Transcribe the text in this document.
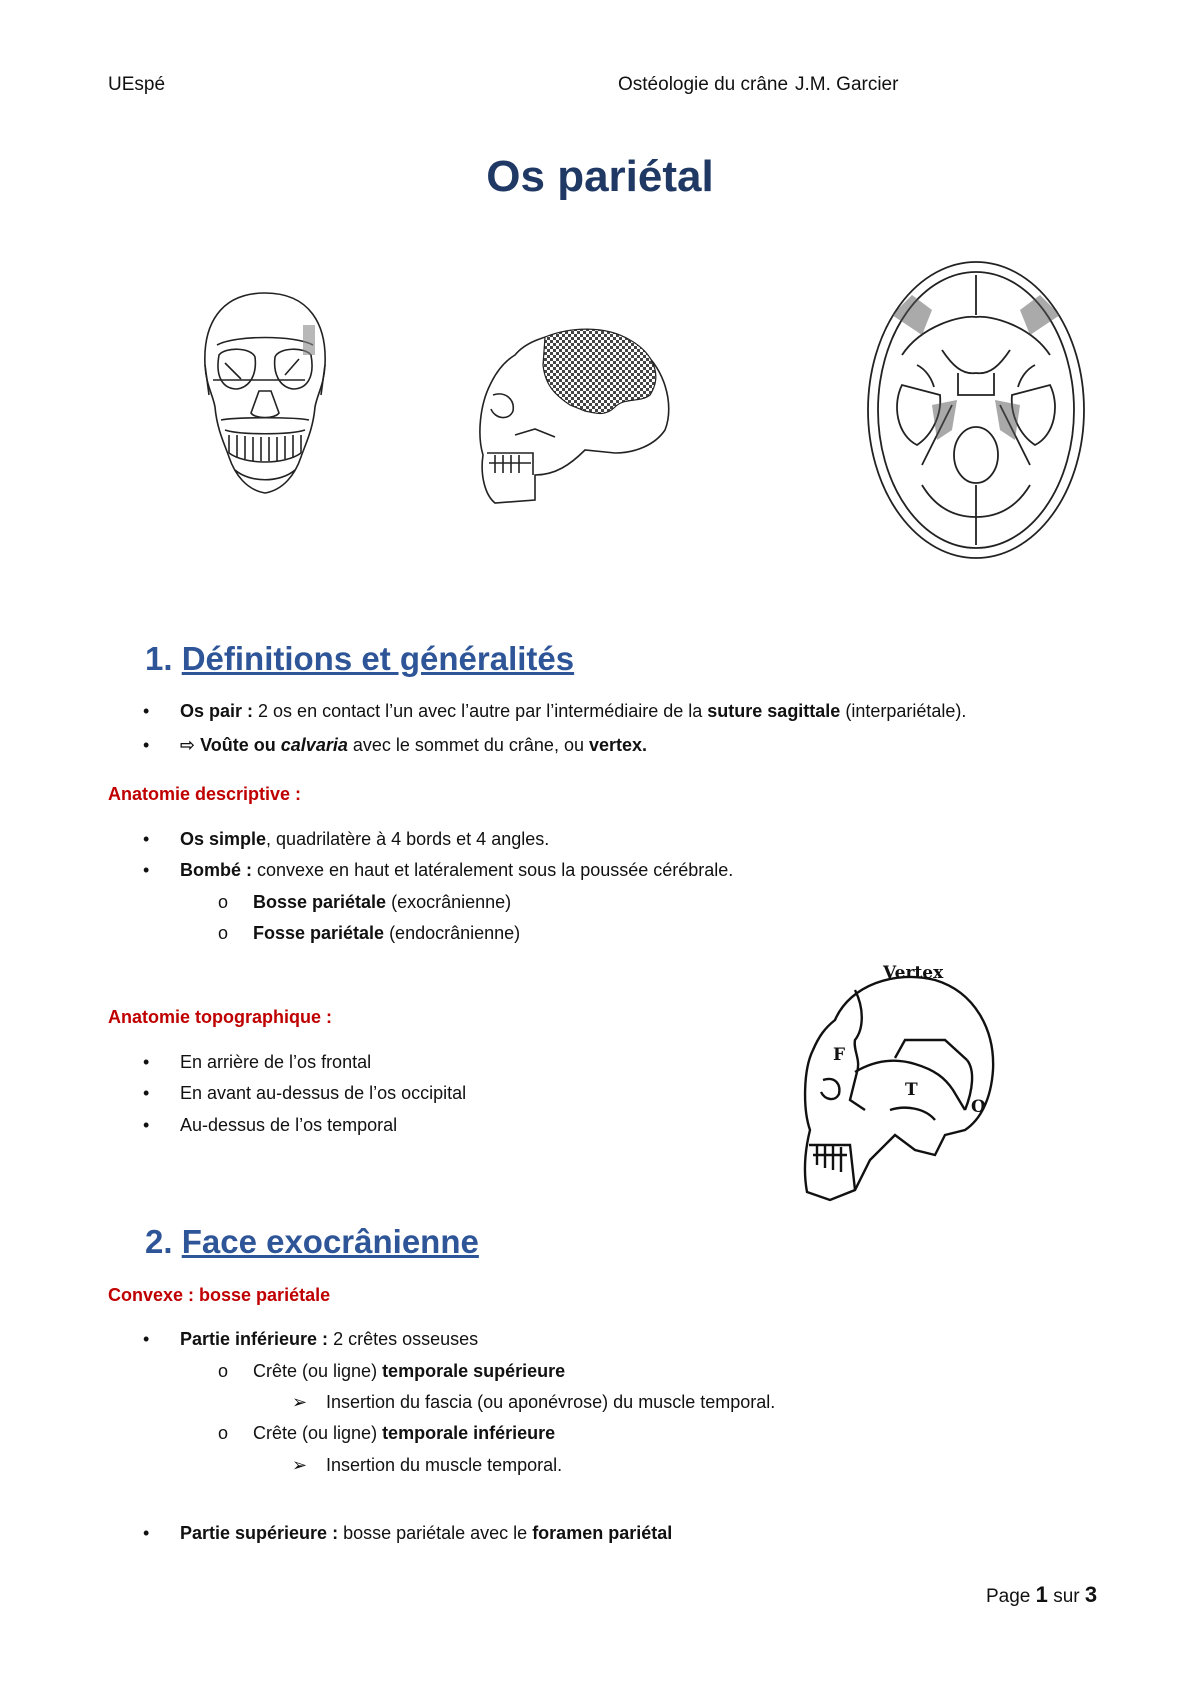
UEspé	Ostéologie du crâne J.M. Garcier
Os pariétal
1. Définitions et généralités
• Os pair : 2 os en contact l’un avec l’autre par l’intermédiaire de la suture sagittale (interpariétale).
• ⇨ Voûte ou calvaria avec le sommet du crâne, ou vertex.
Anatomie descriptive :
• Os simple, quadrilatère à 4 bords et 4 angles.
• Bombé : convexe en haut et latéralement sous la poussée cérébrale.
o Bosse pariétale (exocrânienne)
o Fosse pariétale (endocrânienne)
Anatomie topographique :
• En arrière de l’os frontal
• En avant au-dessus de l’os occipital
• Au-dessus de l’os temporal
Vertex
F
T
O
2. Face exocrânienne
Convexe : bosse pariétale
• Partie inférieure : 2 crêtes osseuses
o Crête (ou ligne) temporale supérieure
➢ Insertion du fascia (ou aponévrose) du muscle temporal.
o Crête (ou ligne) temporale inférieure
➢ Insertion du muscle temporal.
• Partie supérieure : bosse pariétale avec le foramen pariétal
Page 1 sur 3
